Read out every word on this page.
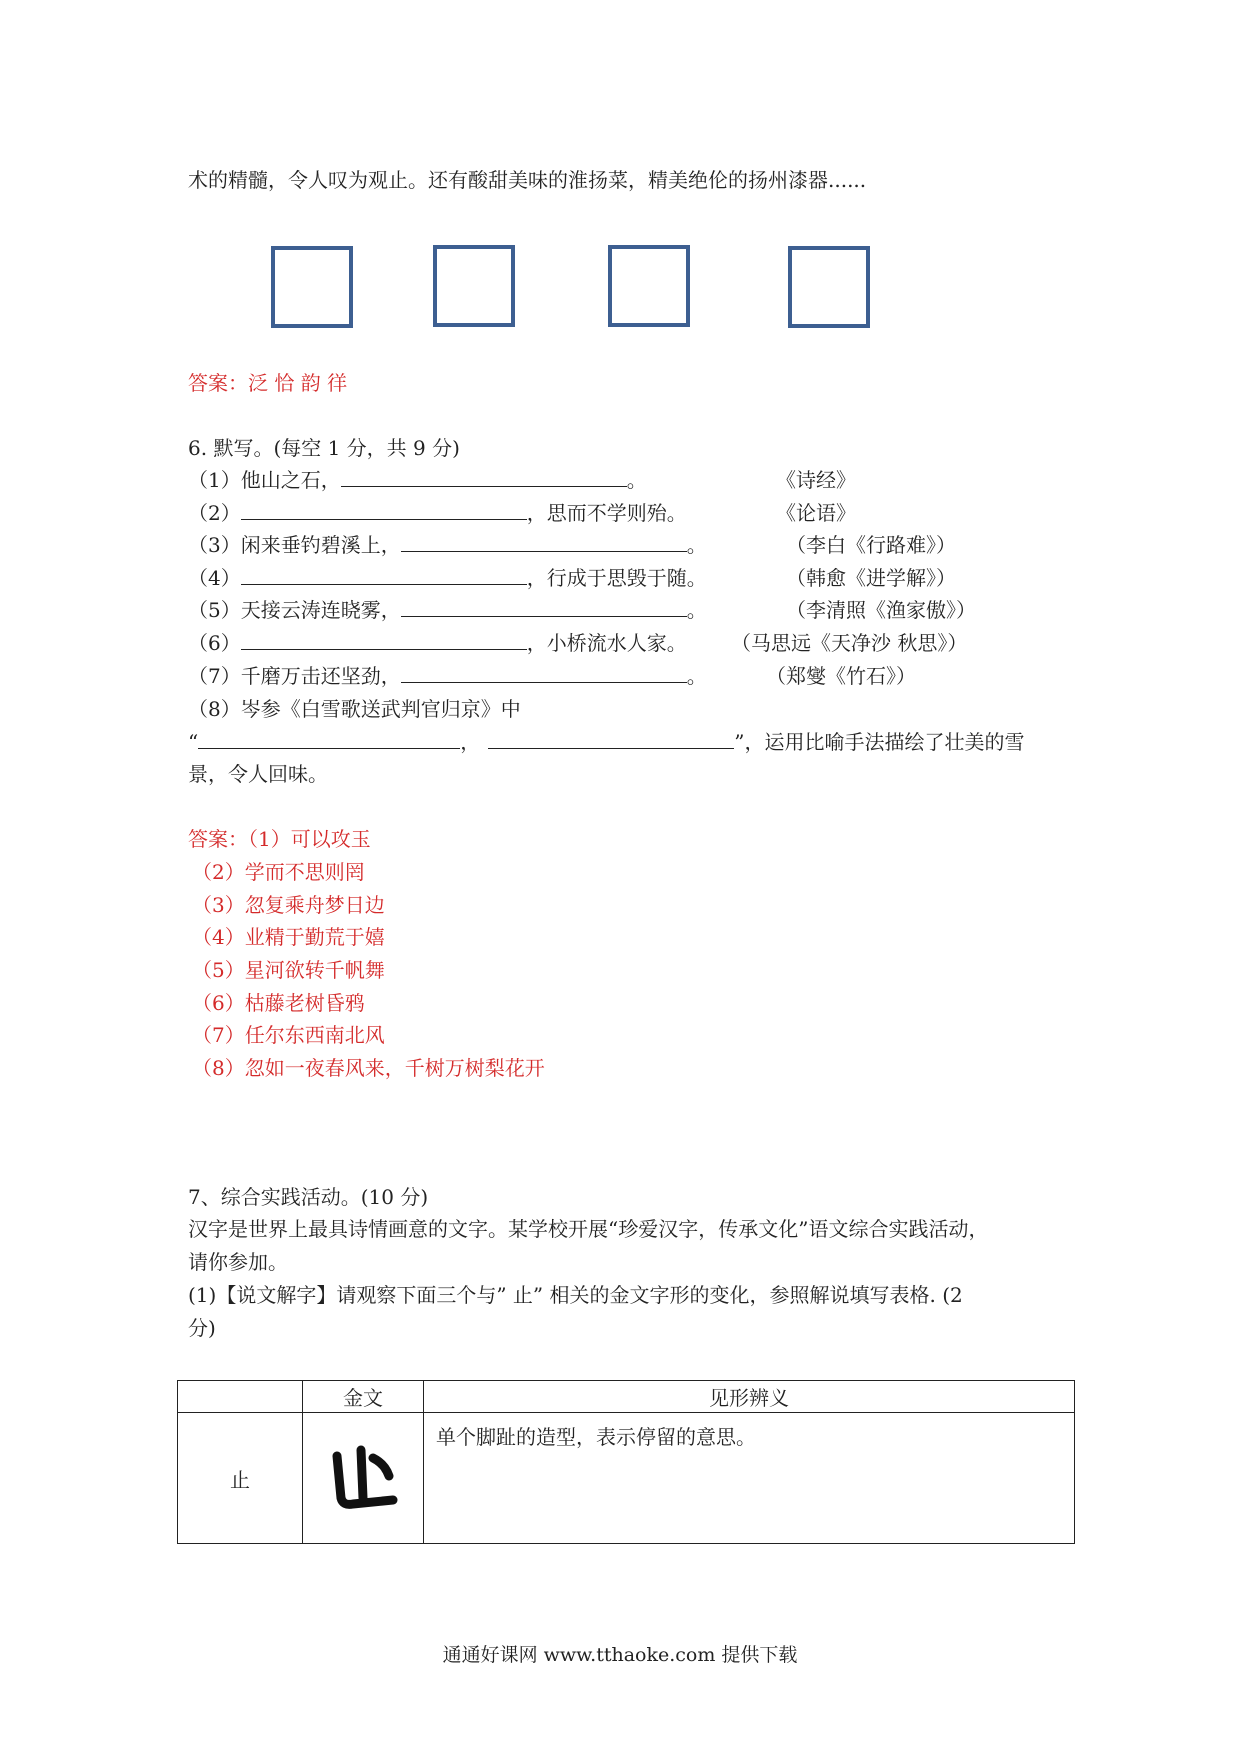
术的精髓，令人叹为观止。还有酸甜美味的淮扬菜，精美绝伦的扬州漆器......
答案：泛 恰 韵 徉
6. 默写。(每空 1 分，共 9 分)
（1）他山之石，	。	《诗经》
（2）	，思而不学则殆。	《论语》
（3）闲来垂钓碧溪上，	。	（李白《行路难》）
（4）	，行成于思毁于随。	（韩愈《进学解》）
（5）天接云涛连晓雾，	。	（李清照《渔家傲》）
（6）	，小桥流水人家。 （马思远《天净沙 秋思》）
（7）千磨万击还坚劲，	。	（郑燮《竹石》）
（8）岑参《白雪歌送武判官归京》中
“	，	”，运用比喻手法描绘了壮美的雪
景，令人回味。
答案：（1）可以攻玉
（2）学而不思则罔
（3）忽复乘舟梦日边
（4）业精于勤荒于嬉
（5）星河欲转千帆舞
（6）枯藤老树昏鸦
（7）任尔东西南北风
（8）忽如一夜春风来，千树万树梨花开
7、综合实践活动。(10 分)
汉字是世界上最具诗情画意的文字。某学校开展“珍爱汉字，传承文化”语文综合实践活动，
请你参加。
(1)【说文解字】请观察下面三个与” 止” 相关的金文字形的变化，参照解说填写表格. (2
分)
	金文	见形辨义
止		单个脚趾的造型，表示停留的意思。
通通好课网 www.tthaoke.com 提供下载
